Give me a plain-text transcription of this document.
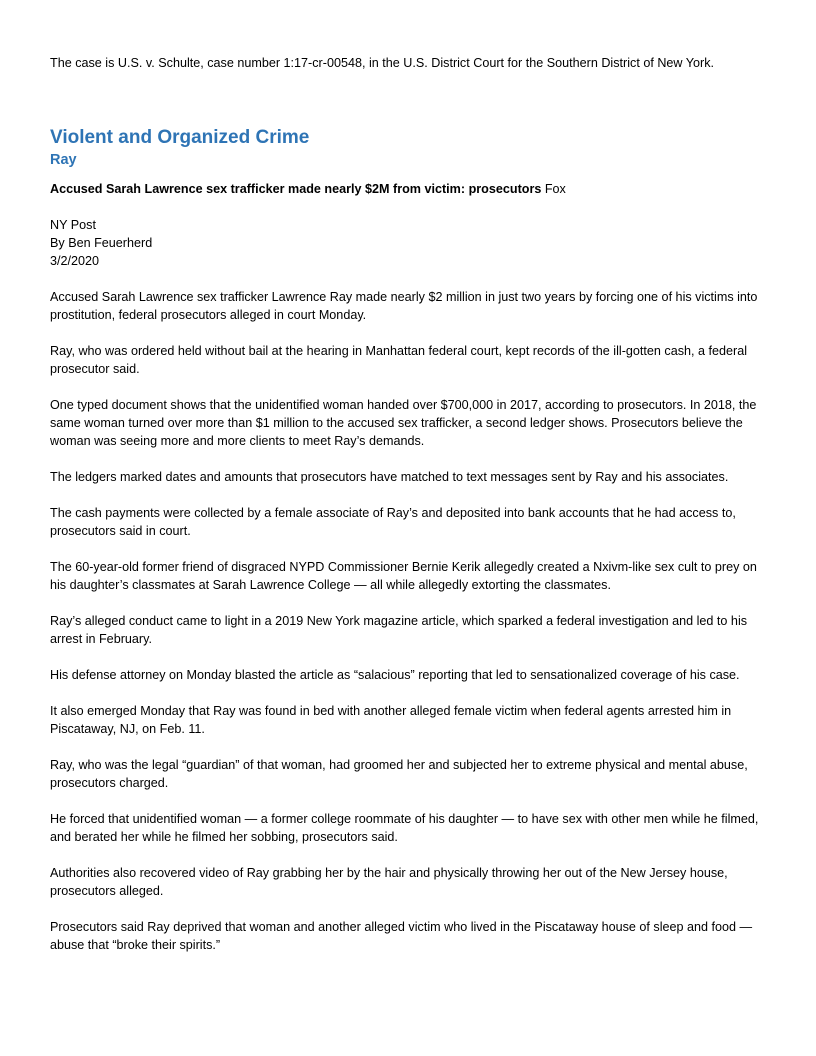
The case is U.S. v. Schulte, case number 1:17-cr-00548, in the U.S. District Court for the Southern District of New York.

Violent and Organized Crime
Ray

Accused Sarah Lawrence sex trafficker made nearly $2M from victim: prosecutors Fox

NY Post
By Ben Feuerherd
3/2/2020

Accused Sarah Lawrence sex trafficker Lawrence Ray made nearly $2 million in just two years by forcing one of his victims into prostitution, federal prosecutors alleged in court Monday.

Ray, who was ordered held without bail at the hearing in Manhattan federal court, kept records of the ill-gotten cash, a federal prosecutor said.

One typed document shows that the unidentified woman handed over $700,000 in 2017, according to prosecutors. In 2018, the same woman turned over more than $1 million to the accused sex trafficker, a second ledger shows. Prosecutors believe the woman was seeing more and more clients to meet Ray’s demands.

The ledgers marked dates and amounts that prosecutors have matched to text messages sent by Ray and his associates.

The cash payments were collected by a female associate of Ray’s and deposited into bank accounts that he had access to, prosecutors said in court.

The 60-year-old former friend of disgraced NYPD Commissioner Bernie Kerik allegedly created a Nxivm-like sex cult to prey on his daughter’s classmates at Sarah Lawrence College — all while allegedly extorting the classmates.

Ray’s alleged conduct came to light in a 2019 New York magazine article, which sparked a federal investigation and led to his arrest in February.

His defense attorney on Monday blasted the article as “salacious” reporting that led to sensationalized coverage of his case.

It also emerged Monday that Ray was found in bed with another alleged female victim when federal agents arrested him in Piscataway, NJ, on Feb. 11.

Ray, who was the legal “guardian” of that woman, had groomed her and subjected her to extreme physical and mental abuse, prosecutors charged.

He forced that unidentified woman — a former college roommate of his daughter — to have sex with other men while he filmed, and berated her while he filmed her sobbing, prosecutors said.

Authorities also recovered video of Ray grabbing her by the hair and physically throwing her out of the New Jersey house, prosecutors alleged.

Prosecutors said Ray deprived that woman and another alleged victim who lived in the Piscataway house of sleep and food — abuse that “broke their spirits.”
